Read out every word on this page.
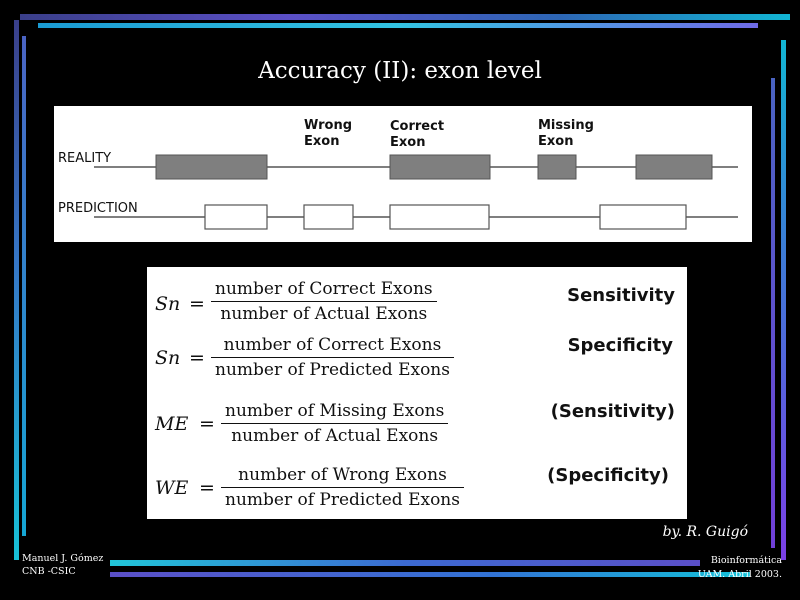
Accuracy (II): exon level
Wrong
Exon
Correct
Exon
Missing
Exon
REALITY
PREDICTION
Sn =
number of Correct Exons
number of Actual Exons
Sensitivity
Sn =
number of Correct Exons
number of Predicted Exons
Specificity
ME =
number of Missing Exons
number of Actual Exons
(Sensitivity)
WE =
number of Wrong Exons
number of Predicted Exons
(Specificity)
by. R. Guigó
Manuel J. Gómez
CNB -CSIC
Bioinformática
UAM. Abril 2003.
